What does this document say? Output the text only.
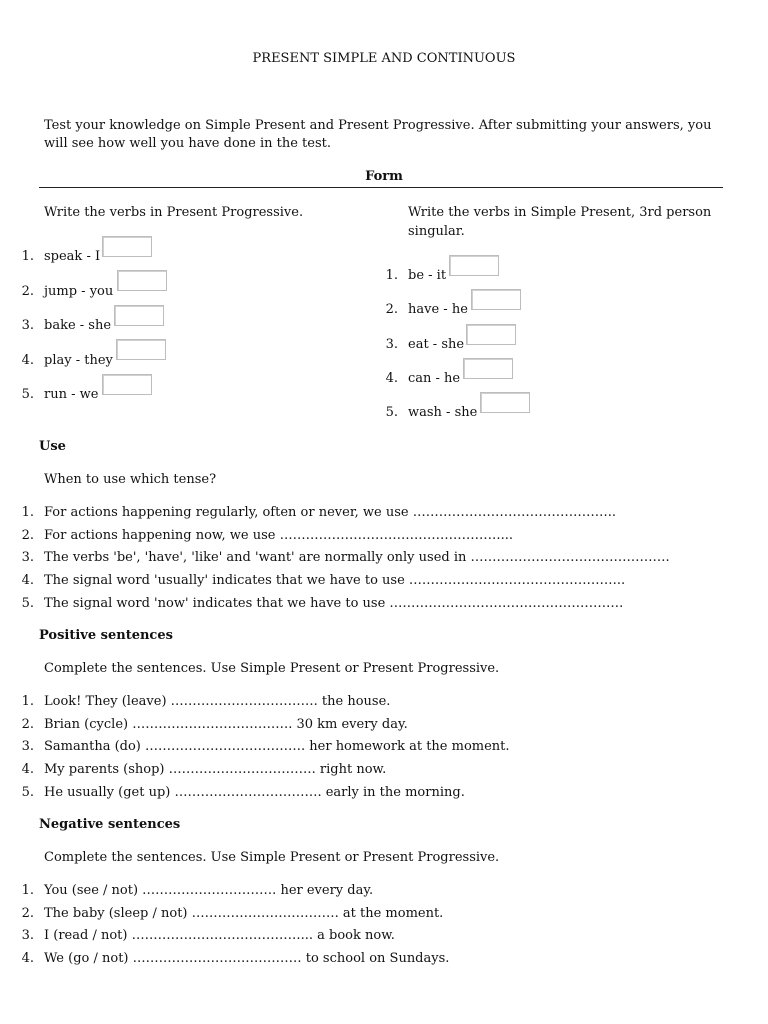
PRESENT SIMPLE AND CONTINUOUS
Test your knowledge on Simple Present and Present Progressive. After submitting your answers, you will see how well you have done in the test.
Form
Write the verbs in Present Progressive.	Write the verbs in Simple Present, 3rd person singular.
1. speak - I
2. jump - you
3. bake - she
4. play - they
5. run - we
1. be - it
2. have - he
3. eat - she
4. can - he
5. wash - she
Use
When to use which tense?
1. For actions happening regularly, often or never, we use ………………………………………..
2. For actions happening now, we use ……………………………………………...
3. The verbs 'be', 'have', 'like' and 'want' are normally only used in ……………………………………….
4. The signal word 'usually' indicates that we have to use …………………………………………..
5. The signal word 'now' indicates that we have to use ………………………………………………
Positive sentences
Complete the sentences. Use Simple Present or Present Progressive.
1. Look! They (leave) ……………………………. the house.
2. Brian (cycle) ………………………………. 30 km every day.
3. Samantha (do) ………………………………. her homework at the moment.
4. My parents (shop) ……………………………. right now.
5. He usually (get up) ……………………………. early in the morning.
Negative sentences
Complete the sentences. Use Simple Present or Present Progressive.
1. You (see / not) …………………………. her every day.
2. The baby (sleep / not) ……………………………. at the moment.
3. I (read / not) …………………………………... a book now.
4. We (go / not) ………………………………… to school on Sundays.
